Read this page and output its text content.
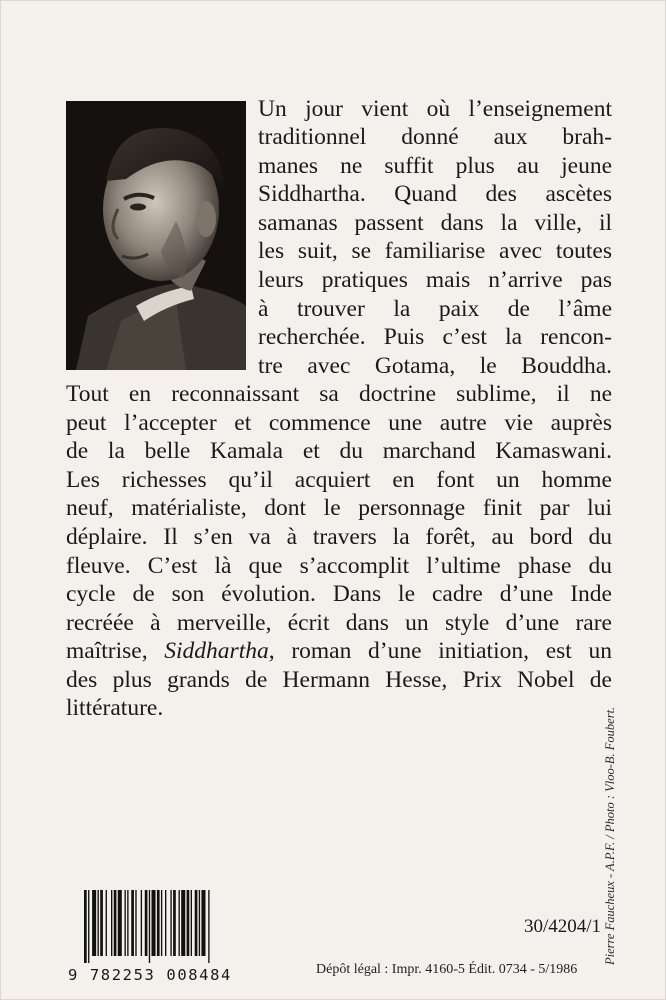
Un jour vient où l’enseignement

traditionnel donné aux brah-

manes ne suffit plus au jeune

Siddhartha. Quand des ascètes

samanas passent dans la ville, il

les suit, se familiarise avec toutes

leurs pratiques mais n’arrive pas

à trouver la paix de l’âme

recherchée. Puis c’est la rencon-

tre avec Gotama, le Bouddha.

Tout en reconnaissant sa doctrine sublime, il ne

peut l’accepter et commence une autre vie auprès

de la belle Kamala et du marchand Kamaswani.

Les richesses qu’il acquiert en font un homme

neuf, matérialiste, dont le personnage finit par lui

déplaire. Il s’en va à travers la forêt, au bord du

fleuve. C’est là que s’accomplit l’ultime phase du

cycle de son évolution. Dans le cadre d’une Inde

recréée à merveille, écrit dans un style d’une rare

maîtrise, Siddhartha, roman d’une initiation, est un

des plus grands de Hermann Hesse, Prix Nobel de

littérature.	Pierre Faucheux - A.P.F. / Photo : Vloo-B. Foubert.
30/4204/1
9 782253 008484	Dépôt légal : Impr. 4160-5 Édit. 0734 - 5/1986
